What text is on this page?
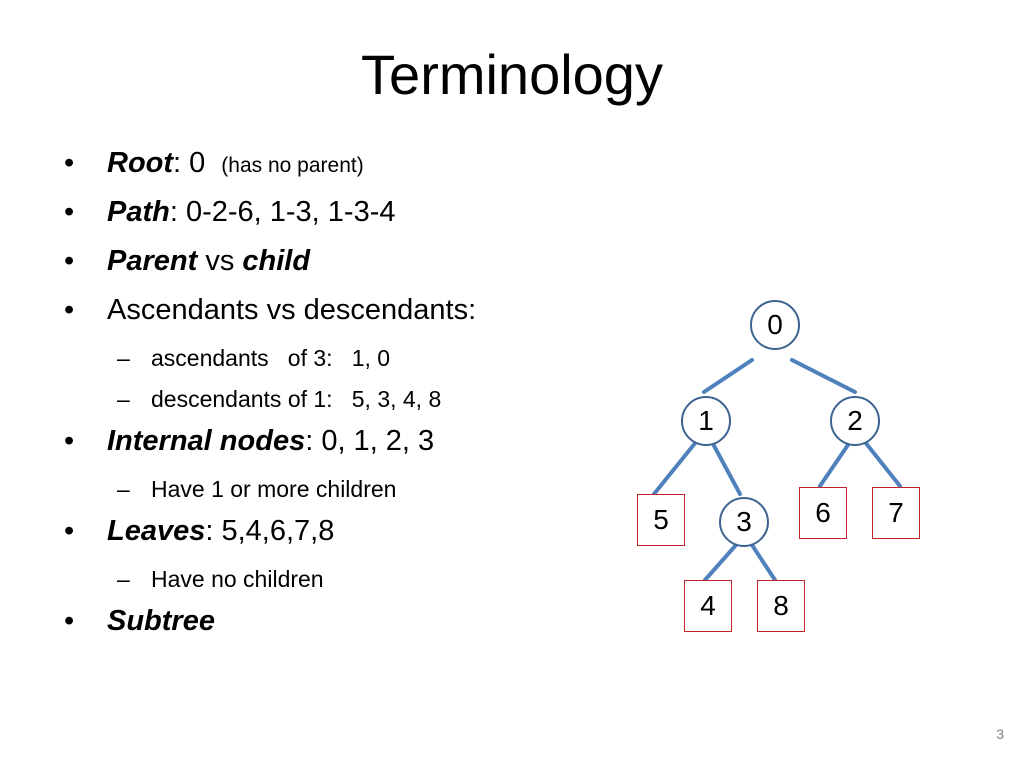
Terminology
• Root: 0 (has no parent)
• Path: 0-2-6, 1-3, 1-3-4
• Parent vs child
• Ascendants vs descendants:
– ascendants   of 3:   1, 0
– descendants of 1:   5, 3, 4, 8
• Internal nodes: 0, 1, 2, 3
– Have 1 or more children
• Leaves: 5,4,6,7,8
– Have no children
• Subtree
0
1	2
3
5	6	7
4	8
3
